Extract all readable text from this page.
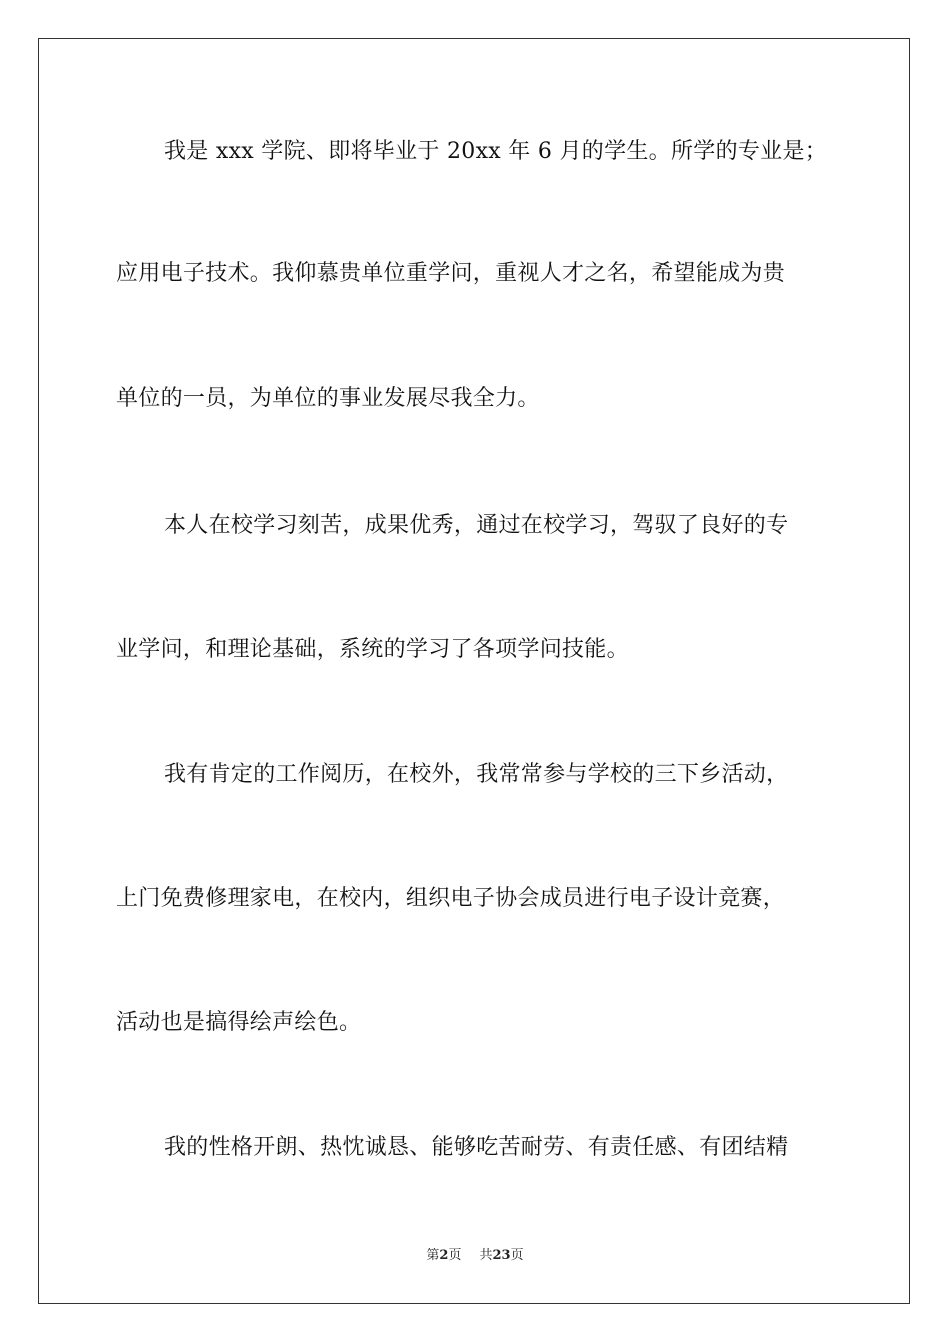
我是 xxx 学院、即将毕业于 20xx 年 6 月的学生。所学的专业是；
应用电子技术。我仰慕贵单位重学问，重视人才之名，希望能成为贵
单位的一员，为单位的事业发展尽我全力。
本人在校学习刻苦，成果优秀，通过在校学习，驾驭了良好的专
业学问，和理论基础，系统的学习了各项学问技能。
我有肯定的工作阅历，在校外，我常常参与学校的三下乡活动，
上门免费修理家电，在校内，组织电子协会成员进行电子设计竞赛，
活动也是搞得绘声绘色。
我的性格开朗、热忱诚恳、能够吃苦耐劳、有责任感、有团结精
第2页 共23页
